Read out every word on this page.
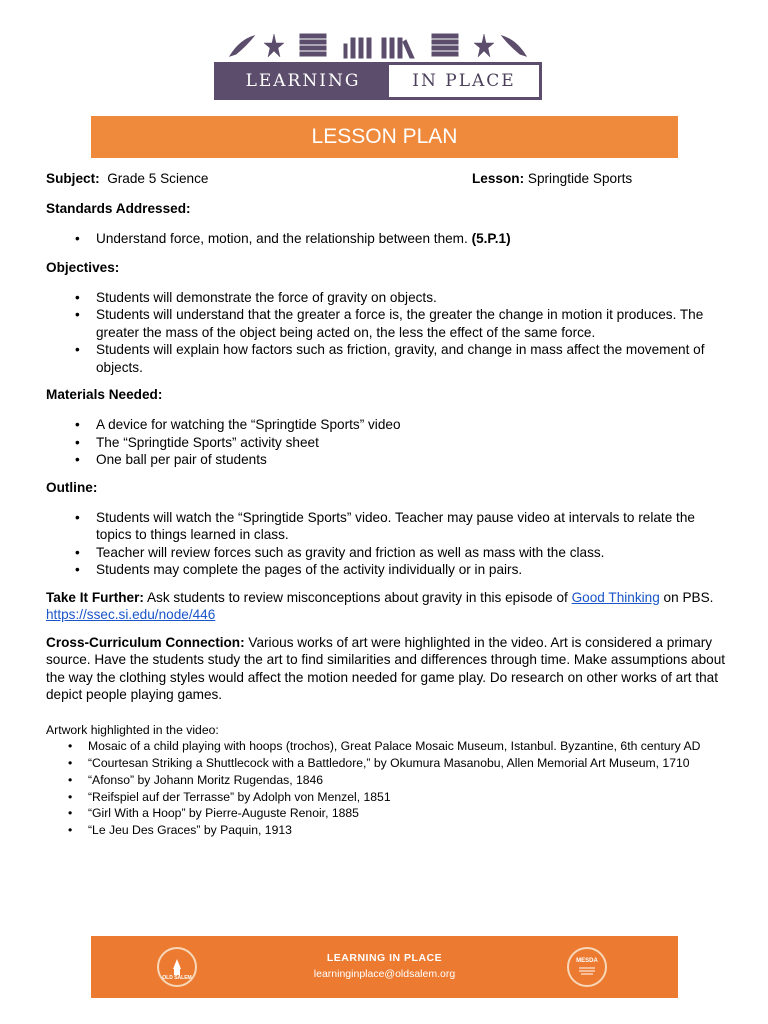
LEARNING	IN PLACE
LESSON PLAN
Subject: Grade 5 Science	Lesson: Springtide Sports
Standards Addressed:
• Understand force, motion, and the relationship between them. (5.P.1)
Objectives:
• Students will demonstrate the force of gravity on objects.
• Students will understand that the greater a force is, the greater the change in motion it produces. The greater the mass of the object being acted on, the less the effect of the same force.
• Students will explain how factors such as friction, gravity, and change in mass affect the movement of objects.
Materials Needed:
• A device for watching the “Springtide Sports” video
• The “Springtide Sports” activity sheet
• One ball per pair of students
Outline:
• Students will watch the “Springtide Sports” video. Teacher may pause video at intervals to relate the topics to things learned in class.
• Teacher will review forces such as gravity and friction as well as mass with the class.
• Students may complete the pages of the activity individually or in pairs.

Take It Further: Ask students to review misconceptions about gravity in this episode of Good Thinking on PBS. https://ssec.si.edu/node/446

Cross-Curriculum Connection: Various works of art were highlighted in the video. Art is considered a primary source. Have the students study the art to find similarities and differences through time. Make assumptions about the way the clothing styles would affect the motion needed for game play. Do research on other works of art that depict people playing games.

Artwork highlighted in the video:
• Mosaic of a child playing with hoops (trochos), Great Palace Mosaic Museum, Istanbul. Byzantine, 6th century AD
• “Courtesan Striking a Shuttlecock with a Battledore,” by Okumura Masanobu, Allen Memorial Art Museum, 1710
• “Afonso” by Johann Moritz Rugendas, 1846
• “Reifspiel auf der Terrasse” by Adolph von Menzel, 1851
• “Girl With a Hoop” by Pierre-Auguste Renoir, 1885
• “Le Jeu Des Graces” by Paquin, 1913
OLD SALEM
LEARNING IN PLACE
learninginplace@oldsalem.org
MESDA
